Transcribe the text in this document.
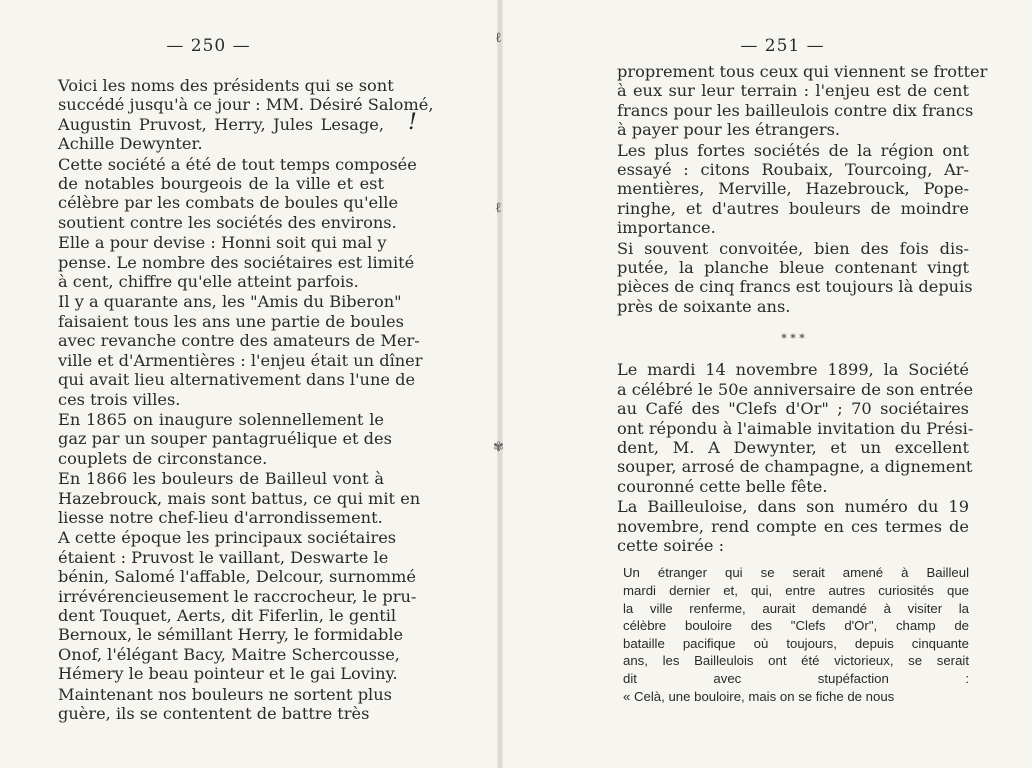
ℓ
ℓ
✾
— 250 —
Voici les noms des présidents qui se sont
succédé jusqu'à ce jour : MM. Désiré Salomé,
Augustin Pruvost, Herry, Jules Lesage,
Achille Dewynter.
Cette société a été de tout temps composée
de notables bourgeois de la ville et est
célèbre par les combats de boules qu'elle
soutient contre les sociétés des environs.
Elle a pour devise : Honni soit qui mal y
pense. Le nombre des sociétaires est limité
à cent, chiffre qu'elle atteint parfois.
Il y a quarante ans, les "Amis du Biberon"
faisaient tous les ans une partie de boules
avec revanche contre des amateurs de Mer-
ville et d'Armentières : l'enjeu était un dîner
qui avait lieu alternativement dans l'une de
ces trois villes.
En 1865 on inaugure solennellement le
gaz par un souper pantagruélique et des
couplets de circonstance.
En 1866 les bouleurs de Bailleul vont à
Hazebrouck, mais sont battus, ce qui mit en
liesse notre chef-lieu d'arrondissement.
A cette époque les principaux sociétaires
étaient : Pruvost le vaillant, Deswarte le
bénin, Salomé l'affable, Delcour, surnommé
irrévérencieusement le raccrocheur, le pru-
dent Touquet, Aerts, dit Fiferlin, le gentil
Bernoux, le sémillant Herry, le formidable
Onof, l'élégant Bacy, Maitre Schercousse,
Hémery le beau pointeur et le gai Loviny.
Maintenant nos bouleurs ne sortent plus
guère, ils se contentent de battre très
!
— 251 —
proprement tous ceux qui viennent se frotter
à eux sur leur terrain : l'enjeu est de cent
francs pour les bailleulois contre dix francs
à payer pour les étrangers.
Les plus fortes sociétés de la région ont
essayé : citons Roubaix, Tourcoing, Ar-
mentières, Merville, Hazebrouck, Pope-
ringhe, et d'autres bouleurs de moindre
importance.
Si souvent convoitée, bien des fois dis-
putée, la planche bleue contenant vingt
pièces de cinq francs est toujours là depuis
près de soixante ans.
* * *
Le mardi 14 novembre 1899, la Société
a célébré le 50e anniversaire de son entrée
au Café des "Clefs d'Or" ; 70 sociétaires
ont répondu à l'aimable invitation du Prési-
dent, M. A Dewynter, et un excellent
souper, arrosé de champagne, a dignement
couronné cette belle fête.
La Bailleuloise, dans son numéro du 19
novembre, rend compte en ces termes de
cette soirée :
Un étranger qui se serait amené à Bailleul
mardi dernier et, qui, entre autres curiosités que
la ville renferme, aurait demandé à visiter la
célèbre bouloire des "Clefs d'Or", champ de
bataille pacifique où toujours, depuis cinquante
ans, les Bailleulois ont été victorieux, se serait
dit avec stupéfaction :
« Celà, une bouloire, mais on se fiche de nous
